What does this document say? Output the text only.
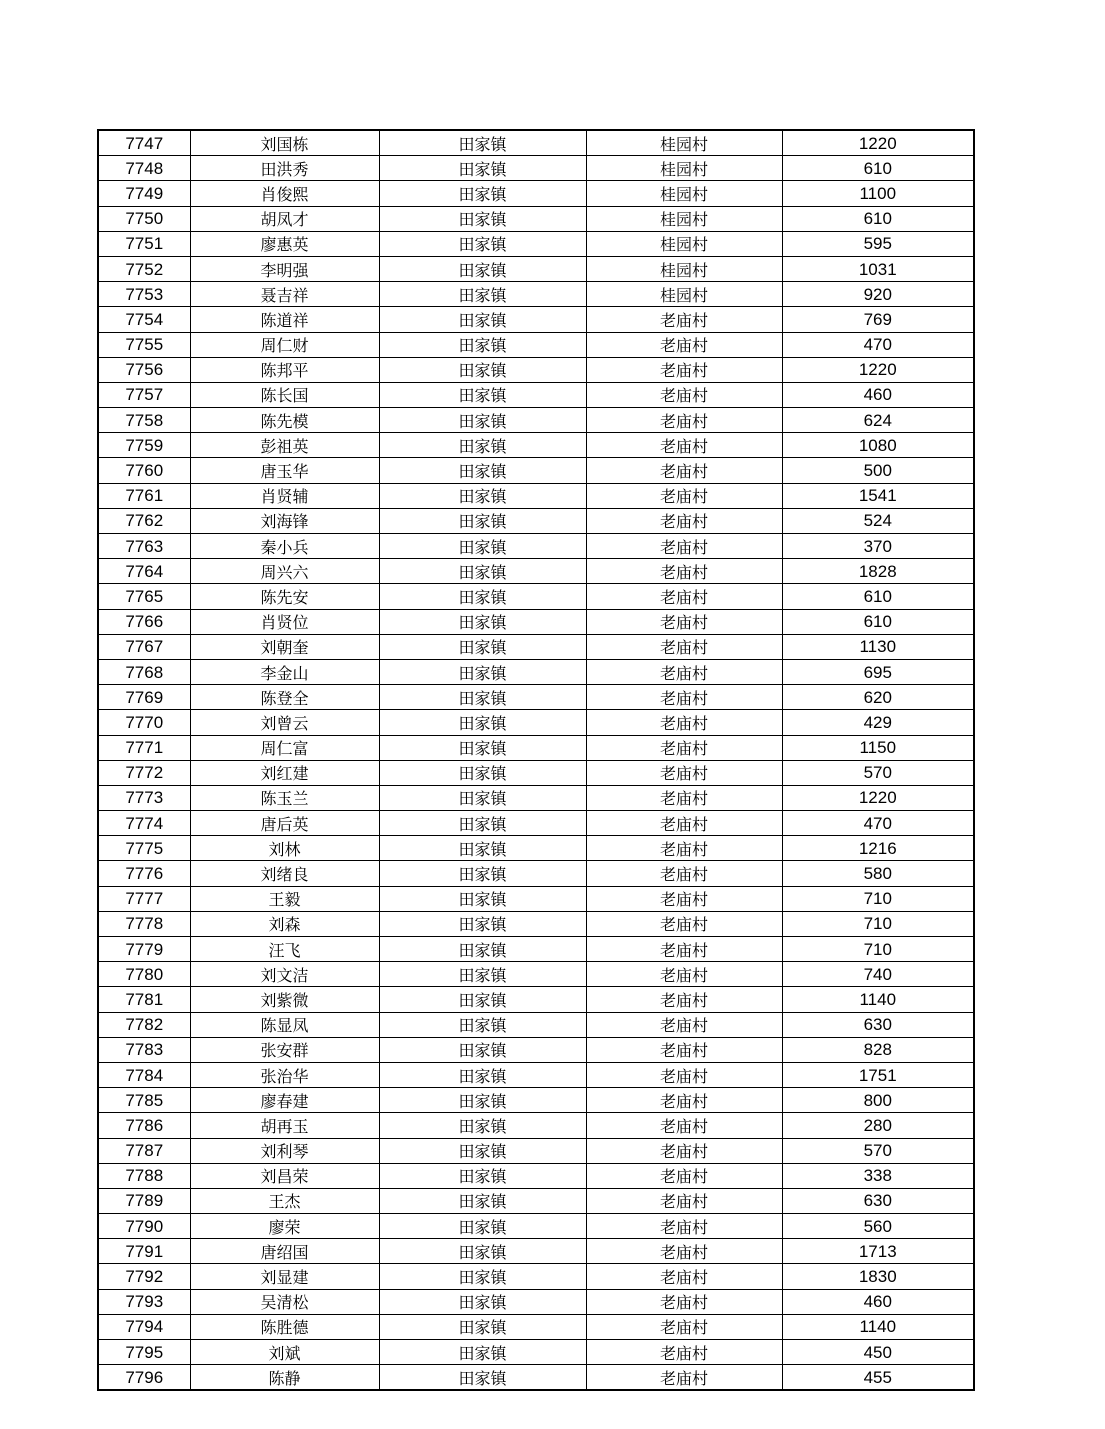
7747	刘国栋	田家镇	桂园村	1220
7748	田洪秀	田家镇	桂园村	610
7749	肖俊熙	田家镇	桂园村	1100
7750	胡凤才	田家镇	桂园村	610
7751	廖惠英	田家镇	桂园村	595
7752	李明强	田家镇	桂园村	1031
7753	聂吉祥	田家镇	桂园村	920
7754	陈道祥	田家镇	老庙村	769
7755	周仁财	田家镇	老庙村	470
7756	陈邦平	田家镇	老庙村	1220
7757	陈长国	田家镇	老庙村	460
7758	陈先模	田家镇	老庙村	624
7759	彭祖英	田家镇	老庙村	1080
7760	唐玉华	田家镇	老庙村	500
7761	肖贤辅	田家镇	老庙村	1541
7762	刘海锋	田家镇	老庙村	524
7763	秦小兵	田家镇	老庙村	370
7764	周兴六	田家镇	老庙村	1828
7765	陈先安	田家镇	老庙村	610
7766	肖贤位	田家镇	老庙村	610
7767	刘朝奎	田家镇	老庙村	1130
7768	李金山	田家镇	老庙村	695
7769	陈登全	田家镇	老庙村	620
7770	刘曾云	田家镇	老庙村	429
7771	周仁富	田家镇	老庙村	1150
7772	刘红建	田家镇	老庙村	570
7773	陈玉兰	田家镇	老庙村	1220
7774	唐后英	田家镇	老庙村	470
7775	刘林	田家镇	老庙村	1216
7776	刘绪良	田家镇	老庙村	580
7777	王毅	田家镇	老庙村	710
7778	刘森	田家镇	老庙村	710
7779	汪飞	田家镇	老庙村	710
7780	刘文洁	田家镇	老庙村	740
7781	刘紫微	田家镇	老庙村	1140
7782	陈显凤	田家镇	老庙村	630
7783	张安群	田家镇	老庙村	828
7784	张治华	田家镇	老庙村	1751
7785	廖春建	田家镇	老庙村	800
7786	胡再玉	田家镇	老庙村	280
7787	刘利琴	田家镇	老庙村	570
7788	刘昌荣	田家镇	老庙村	338
7789	王杰	田家镇	老庙村	630
7790	廖荣	田家镇	老庙村	560
7791	唐绍国	田家镇	老庙村	1713
7792	刘显建	田家镇	老庙村	1830
7793	吴清松	田家镇	老庙村	460
7794	陈胜德	田家镇	老庙村	1140
7795	刘斌	田家镇	老庙村	450
7796	陈静	田家镇	老庙村	455
